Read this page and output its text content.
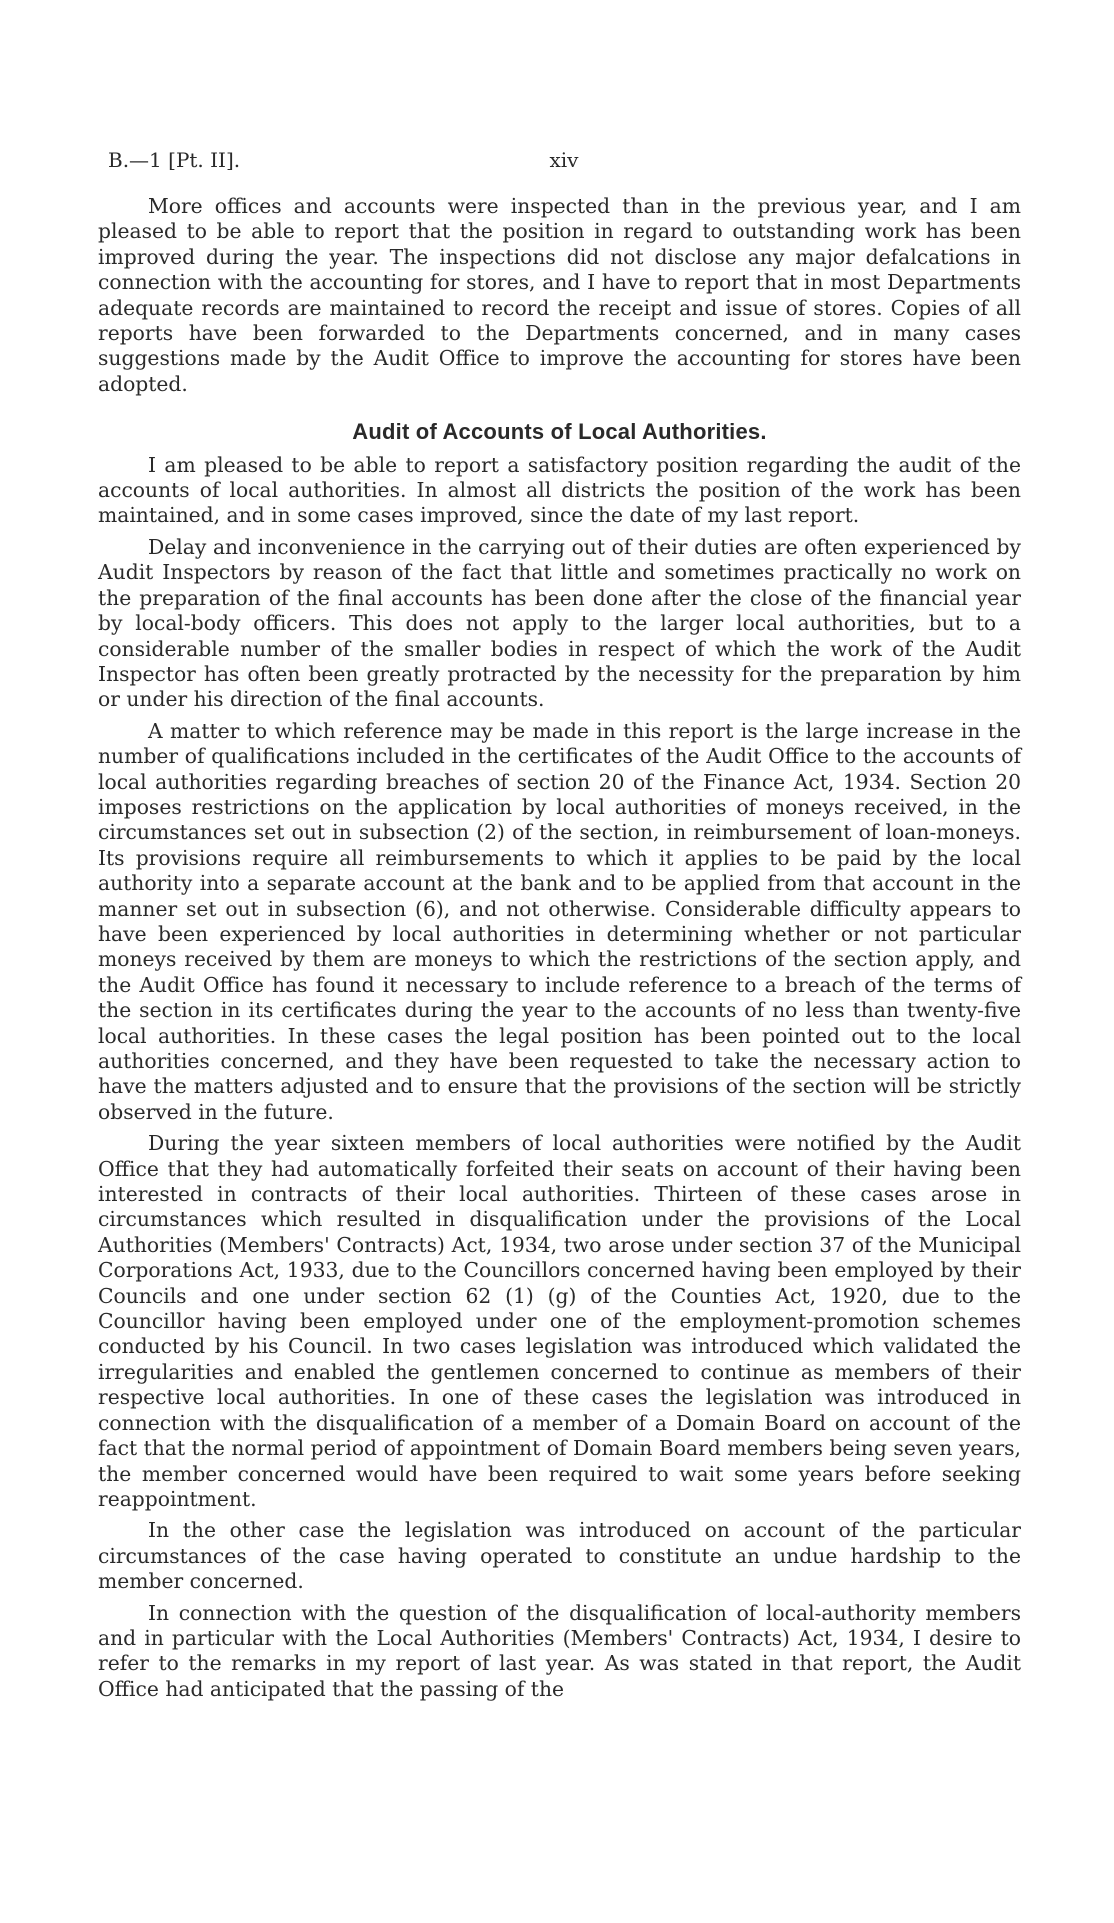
B.—1 [Pt. II].	xiv

More offices and accounts were inspected than in the previous year, and I am pleased to be able to report that the position in regard to outstanding work has been improved during the year. The inspections did not disclose any major defalcations in connection with the accounting for stores, and I have to report that in most Departments adequate records are maintained to record the receipt and issue of stores. Copies of all reports have been forwarded to the Departments concerned, and in many cases suggestions made by the Audit Office to improve the accounting for stores have been adopted.

Audit of Accounts of Local Authorities.

I am pleased to be able to report a satisfactory position regarding the audit of the accounts of local authorities. In almost all districts the position of the work has been maintained, and in some cases improved, since the date of my last report.

Delay and inconvenience in the carrying out of their duties are often experienced by Audit Inspectors by reason of the fact that little and sometimes practically no work on the preparation of the final accounts has been done after the close of the financial year by local-body officers. This does not apply to the larger local authorities, but to a considerable number of the smaller bodies in respect of which the work of the Audit Inspector has often been greatly protracted by the necessity for the preparation by him or under his direction of the final accounts.

A matter to which reference may be made in this report is the large increase in the number of qualifications included in the certificates of the Audit Office to the accounts of local authorities regarding breaches of section 20 of the Finance Act, 1934. Section 20 imposes restrictions on the application by local authorities of moneys received, in the circumstances set out in subsection (2) of the section, in reimbursement of loan-moneys. Its provisions require all reimbursements to which it applies to be paid by the local authority into a separate account at the bank and to be applied from that account in the manner set out in subsection (6), and not otherwise. Considerable difficulty appears to have been experienced by local authorities in determining whether or not particular moneys received by them are moneys to which the restrictions of the section apply, and the Audit Office has found it necessary to include reference to a breach of the terms of the section in its certificates during the year to the accounts of no less than twenty-five local authorities. In these cases the legal position has been pointed out to the local authorities concerned, and they have been requested to take the necessary action to have the matters adjusted and to ensure that the provisions of the section will be strictly observed in the future.

During the year sixteen members of local authorities were notified by the Audit Office that they had automatically forfeited their seats on account of their having been interested in contracts of their local authorities. Thirteen of these cases arose in circumstances which resulted in disqualification under the provisions of the Local Authorities (Members' Contracts) Act, 1934, two arose under section 37 of the Municipal Corporations Act, 1933, due to the Councillors concerned having been employed by their Councils and one under section 62 (1) (g) of the Counties Act, 1920, due to the Councillor having been employed under one of the employment-promotion schemes conducted by his Council. In two cases legislation was introduced which validated the irregularities and enabled the gentlemen concerned to continue as members of their respective local authorities. In one of these cases the legislation was introduced in connection with the disqualification of a member of a Domain Board on account of the fact that the normal period of appointment of Domain Board members being seven years, the member concerned would have been required to wait some years before seeking reappointment.

In the other case the legislation was introduced on account of the particular circumstances of the case having operated to constitute an undue hardship to the member concerned.

In connection with the question of the disqualification of local-authority members and in particular with the Local Authorities (Members' Contracts) Act, 1934, I desire to refer to the remarks in my report of last year. As was stated in that report, the Audit Office had anticipated that the passing of the
